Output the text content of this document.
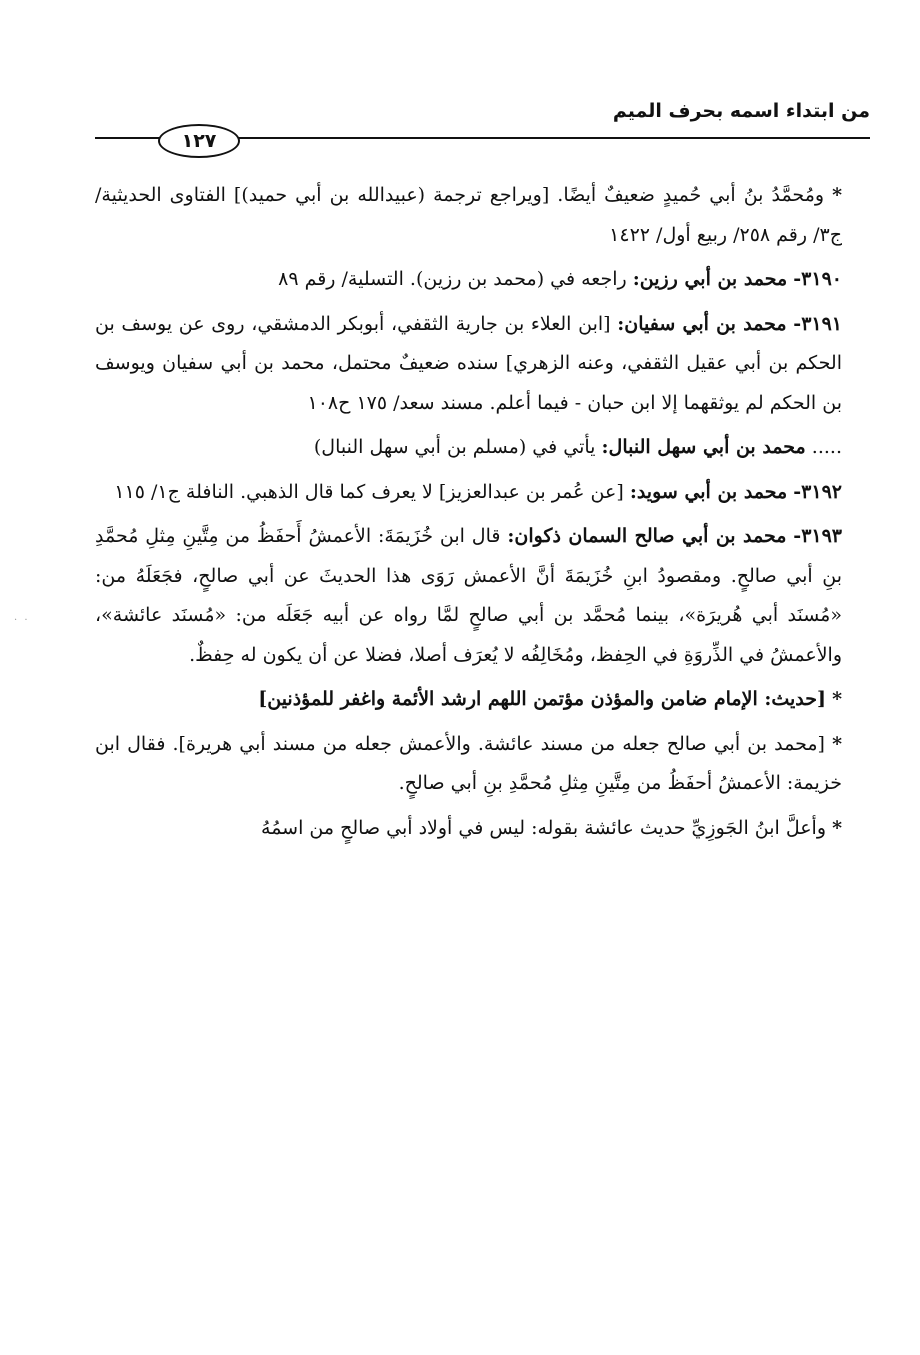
من ابتداء اسمه بحرف الميم
١٢٧
. .

* ومُحمَّدُ بنُ أبي حُميدٍ ضعيفٌ أيضًا. [ويراجع ترجمة (عبيدالله بن أبي حميد)] الفتاوى الحديثية/ ج٣/ رقم ٢٥٨/ ربيع أول/ ١٤٢٢

٣١٩٠- محمد بن أبي رزين: راجعه في (محمد بن رزين). التسلية/ رقم ٨٩

٣١٩١- محمد بن أبي سفيان: [ابن العلاء بن جارية الثقفي، أبوبكر الدمشقي، روى عن يوسف بن الحكم بن أبي عقيل الثقفي، وعنه الزهري] سنده ضعيفٌ محتمل، محمد بن أبي سفيان ويوسف بن الحكم لم يوثقهما إلا ابن حبان - فيما أعلم. مسند سعد/ ١٧٥ ح١٠٨

..... محمد بن أبي سهل النبال: يأتي في (مسلم بن أبي سهل النبال)

٣١٩٢- محمد بن أبي سويد: [عن عُمر بن عبدالعزيز] لا يعرف كما قال الذهبي. النافلة ج١/ ١١٥

٣١٩٣- محمد بن أبي صالح السمان ذكوان: قال ابن خُزَيمَةَ: الأعمشُ أَحفَظُ من مِتَّينِ مِثلِ مُحمَّدِ بنِ أبي صالحٍ. ومقصودُ ابنِ خُزَيمَةَ أنَّ الأعمش رَوَى هذا الحديثَ عن أبي صالحٍ، فجَعَلَهُ من: «مُسنَد أبي هُريرَة»، بينما مُحمَّد بن أبي صالحٍ لمَّا رواه عن أبيه جَعَلَه من: «مُسنَد عائشة»، والأعمشُ في الذِّروَةِ في الحِفظ، ومُخَالِفُه لا يُعرَف أصلا، فضلا عن أن يكون له حِفظٌ.

* [حديث: الإمام ضامن والمؤذن مؤتمن اللهم ارشد الأئمة واغفر للمؤذنين]

* [محمد بن أبي صالح جعله من مسند عائشة. والأعمش جعله من مسند أبي هريرة]. فقال ابن خزيمة: الأعمشُ أحفَظُ من مِتَّينِ مِثلِ مُحمَّدِ بنِ أبي صالحٍ.

* وأعلَّ ابنُ الجَوزِيِّ حديث عائشة بقوله: ليس في أولاد أبي صالحٍ من اسمُهُ
